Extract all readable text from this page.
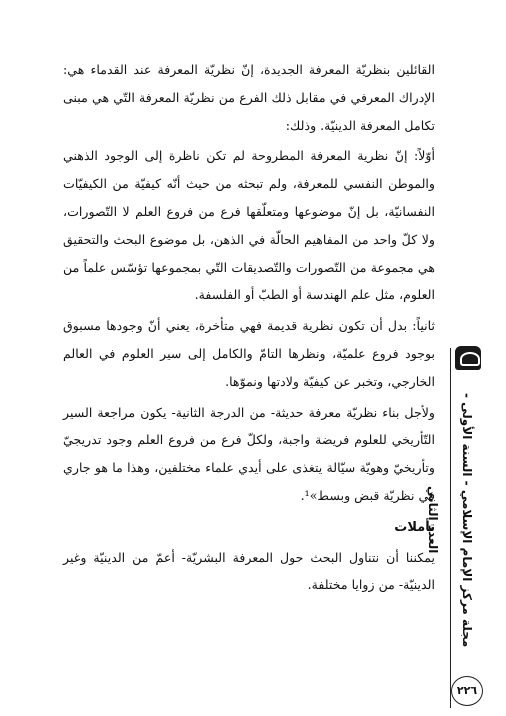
القائلين بنظريّة المعرفة الجديدة، إنّ نظريّة المعرفة عند القدماء هي: الإدراك المعرفي في مقابل ذلك الفرع من نظريّة المعرفة التّي هي مبنى تكامل المعرفة الدينيّة. وذلك:

أوّلاً: إنّ نظرية المعرفة المطروحة لم تكن ناظرة إلى الوجود الذهني والموطن النفسي للمعرفة، ولم تبحثه من حيث أنّه كيفيّة من الكيفيّات النفسانيّة، بل إنّ موضوعها ومتعلّقها فرع من فروع العلم لا التّصورات، ولا كلّ واحد من المفاهيم الحالّة في الذهن، بل موضوع البحث والتحقيق هي مجموعة من التّصورات والتّصديقات التّي بمجموعها تؤسّس علماً من العلوم، مثل علم الهندسة أو الطبّ أو الفلسفة.

ثانياً: بدل أن تكون نظرية قديمة فهي متأخرة، يعني أنّ وجودها مسبوق بوجود فروع علميّة، ونظرها التامّ والكامل إلى سير العلوم في العالم الخارجي، وتخبر عن كيفيّة ولادتها ونموّها.

ولأجل بناء نظريّة معرفة حديثة- من الدرجة الثانية- يكون مراجعة السير التّأريخي للعلوم فريضة واجبة، ولكلّ فرع من فروع العلم وجود تدريجيّ وتأريخيّ وهويّة سيّالة يتغذى على أيدي علماء مختلفين، وهذا ما هو جاري في نظريّة قبض وبسط»¹.

تأملات

يمكننا أن نتناول البحث حول المعرفة البشريّة- أعمّ من الدينيّة وغير الدينيّة- من زوايا مختلفة.	مجلة مركز الإمام الإسلامي - السنة الأولى - العدد الثاني
٢٢٦
